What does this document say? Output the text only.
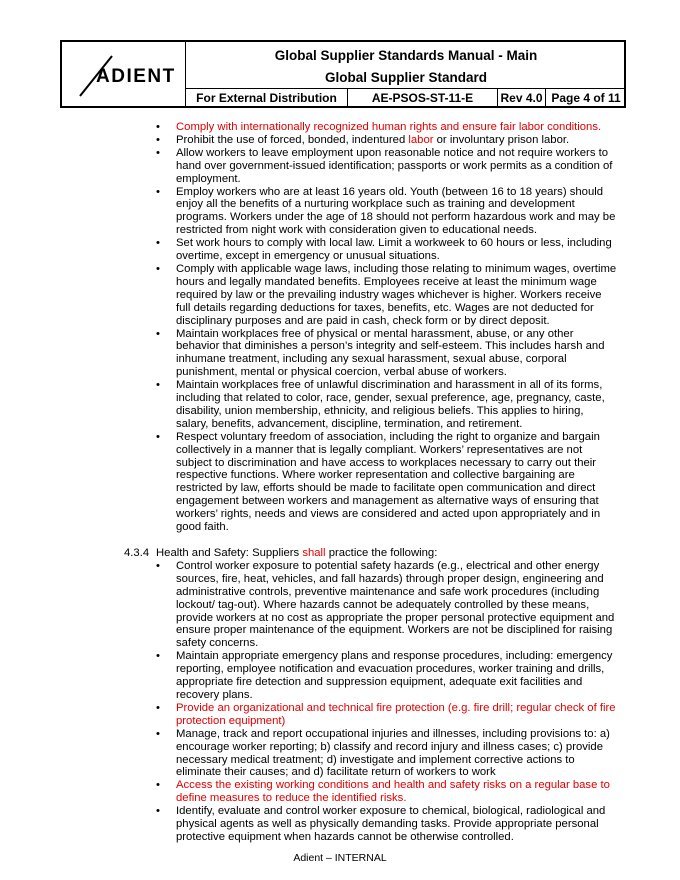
ADIENT
Global Supplier Standards Manual - Main
Global Supplier Standard
For External Distribution	AE-PSOS-ST-11-E	Rev 4.0 Page 4 of 11
• Comply with internationally recognized human rights and ensure fair labor conditions.
• Prohibit the use of forced, bonded, indentured labor or involuntary prison labor.
• Allow workers to leave employment upon reasonable notice and not require workers to hand over government-issued identification; passports or work permits as a condition of employment.
• Employ workers who are at least 16 years old. Youth (between 16 to 18 years) should enjoy all the benefits of a nurturing workplace such as training and development programs. Workers under the age of 18 should not perform hazardous work and may be restricted from night work with consideration given to educational needs.
• Set work hours to comply with local law. Limit a workweek to 60 hours or less, including overtime, except in emergency or unusual situations.
• Comply with applicable wage laws, including those relating to minimum wages, overtime hours and legally mandated benefits. Employees receive at least the minimum wage required by law or the prevailing industry wages whichever is higher. Workers receive full details regarding deductions for taxes, benefits, etc. Wages are not deducted for disciplinary purposes and are paid in cash, check form or by direct deposit.
• Maintain workplaces free of physical or mental harassment, abuse, or any other behavior that diminishes a person’s integrity and self-esteem. This includes harsh and inhumane treatment, including any sexual harassment, sexual abuse, corporal punishment, mental or physical coercion, verbal abuse of workers.
• Maintain workplaces free of unlawful discrimination and harassment in all of its forms, including that related to color, race, gender, sexual preference, age, pregnancy, caste, disability, union membership, ethnicity, and religious beliefs. This applies to hiring, salary, benefits, advancement, discipline, termination, and retirement.
• Respect voluntary freedom of association, including the right to organize and bargain collectively in a manner that is legally compliant. Workers’ representatives are not subject to discrimination and have access to workplaces necessary to carry out their respective functions. Where worker representation and collective bargaining are restricted by law, efforts should be made to facilitate open communication and direct engagement between workers and management as alternative ways of ensuring that workers’ rights, needs and views are considered and acted upon appropriately and in good faith.
4.3.4 Health and Safety: Suppliers shall practice the following:
• Control worker exposure to potential safety hazards (e.g., electrical and other energy sources, fire, heat, vehicles, and fall hazards) through proper design, engineering and administrative controls, preventive maintenance and safe work procedures (including lockout/ tag-out). Where hazards cannot be adequately controlled by these means, provide workers at no cost as appropriate the proper personal protective equipment and ensure proper maintenance of the equipment. Workers are not be disciplined for raising safety concerns.
• Maintain appropriate emergency plans and response procedures, including: emergency reporting, employee notification and evacuation procedures, worker training and drills, appropriate fire detection and suppression equipment, adequate exit facilities and recovery plans.
• Provide an organizational and technical fire protection (e.g. fire drill; regular check of fire protection equipment)
• Manage, track and report occupational injuries and illnesses, including provisions to: a) encourage worker reporting; b) classify and record injury and illness cases; c) provide necessary medical treatment; d) investigate and implement corrective actions to eliminate their causes; and d) facilitate return of workers to work
• Access the existing working conditions and health and safety risks on a regular base to define measures to reduce the identified risks.
• Identify, evaluate and control worker exposure to chemical, biological, radiological and physical agents as well as physically demanding tasks. Provide appropriate personal protective equipment when hazards cannot be otherwise controlled.
Adient – INTERNAL
